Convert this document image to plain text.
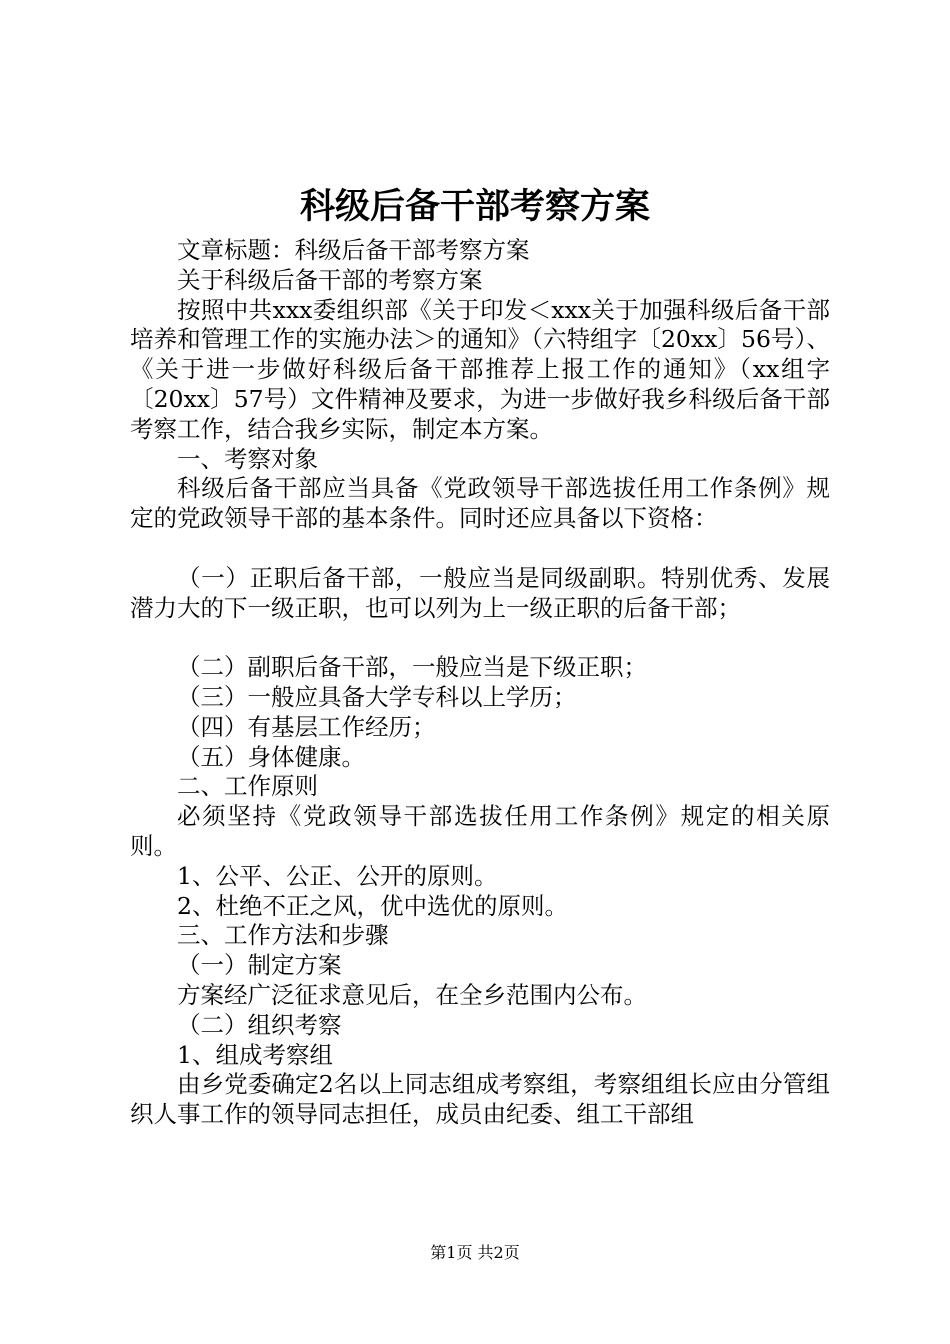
科级后备干部考察方案

文章标题：科级后备干部考察方案

关于科级后备干部的考察方案

按照中共xxx委组织部《关于印发＜xxx关于加强科级后备干部培养和管理工作的实施办法＞的通知》（六特组字〔20xx〕56号）、《关于进一步做好科级后备干部推荐上报工作的通知》（xx组字〔20xx〕57号）文件精神及要求，为进一步做好我乡科级后备干部考察工作，结合我乡实际，制定本方案。

一、考察对象

科级后备干部应当具备《党政领导干部选拔任用工作条例》规定的党政领导干部的基本条件。同时还应具备以下资格：

（一）正职后备干部，一般应当是同级副职。特别优秀、发展潜力大的下一级正职，也可以列为上一级正职的后备干部；

（二）副职后备干部，一般应当是下级正职；

（三）一般应具备大学专科以上学历；

（四）有基层工作经历；

（五）身体健康。

二、工作原则

必须坚持《党政领导干部选拔任用工作条例》规定的相关原则。

1、公平、公正、公开的原则。

2、杜绝不正之风，优中选优的原则。

三、工作方法和步骤

（一）制定方案

方案经广泛征求意见后，在全乡范围内公布。

（二）组织考察

1、组成考察组

由乡党委确定2名以上同志组成考察组，考察组组长应由分管组织人事工作的领导同志担任，成员由纪委、组工干部组

第1页 共2页
